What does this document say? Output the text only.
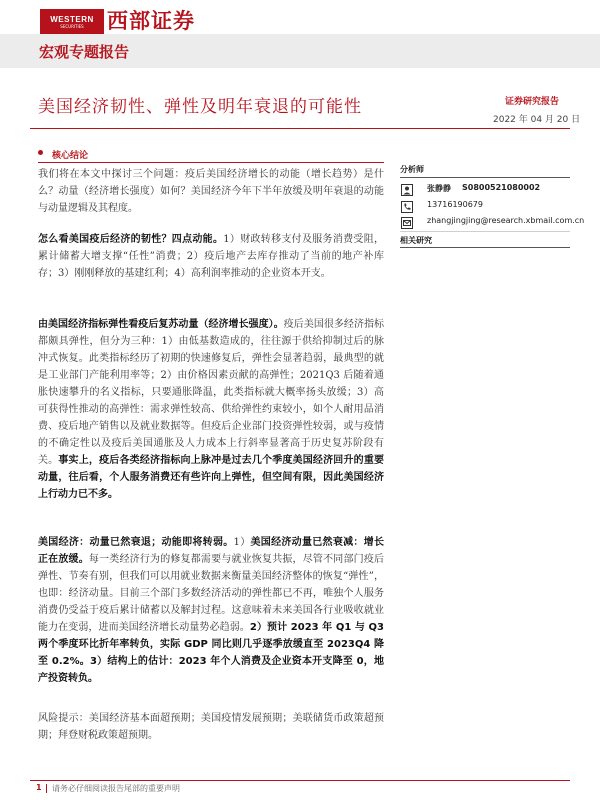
WESTERN
SECURITIES 西部证券
宏观专题报告
美国经济韧性、弹性及明年衰退的可能性	证券研究报告
2022 年 04 月 20 日
核心结论
我们将在本文中探讨三个问题：疫后美国经济增长的动能（增长趋势）是什么？动量（经济增长强度）如何？美国经济今年下半年放缓及明年衰退的动能与动量逻辑及其程度。
怎么看美国疫后经济的韧性？四点动能。1）财政转移支付及服务消费受阻，累计储蓄大增支撑“任性”消费；2）疫后地产去库存推动了当前的地产补库存；3）刚刚释放的基建红利；4）高利润率推动的企业资本开支。
由美国经济指标弹性看疫后复苏动量（经济增长强度）。疫后美国很多经济指标都颇具弹性，但分为三种：1）由低基数造成的，往往源于供给抑制过后的脉冲式恢复。此类指标经历了初期的快速修复后，弹性会显著趋弱，最典型的就是工业部门产能利用率等；2）由价格因素贡献的高弹性；2021Q3 后随着通胀快速攀升的名义指标，只要通胀降温，此类指标就大概率扬头放缓；3）高可获得性推动的高弹性：需求弹性较高、供给弹性约束较小，如个人耐用品消费、疫后地产销售以及就业数据等。但疫后企业部门投资弹性较弱，或与疫情的不确定性以及疫后美国通胀及人力成本上行斜率显著高于历史复苏阶段有关。事实上，疫后各类经济指标向上脉冲是过去几个季度美国经济回升的重要动量，往后看，个人服务消费还有些许向上弹性，但空间有限，因此美国经济上行动力已不多。
美国经济：动量已然衰退；动能即将转弱。1）美国经济动量已然衰减：增长正在放缓。每一类经济行为的修复都需要与就业恢复共振，尽管不同部门疫后弹性、节奏有别，但我们可以用就业数据来衡量美国经济整体的恢复“弹性”，也即：经济动量。目前三个部门多数经济活动的弹性都已不再，唯独个人服务消费仍受益于疫后累计储蓄以及解封过程。这意味着未来美国各行业吸收就业能力在变弱，进而美国经济增长动量势必趋弱。2）预计 2023 年 Q1 与 Q3 两个季度环比折年率转负，实际 GDP 同比则几乎逐季放缓直至 2023Q4 降至 0.2%。3）结构上的估计：2023 年个人消费及企业资本开支降至 0，地产投资转负。
风险提示：美国经济基本面超预期；美国疫情发展预期；美联储货币政策超预期；拜登财税政策超预期。
分析师
张静静 S0800521080002
13716190679
zhangjingjing@research.xbmail.com.cn
相关研究
1 请务必仔细阅读报告尾部的重要声明
